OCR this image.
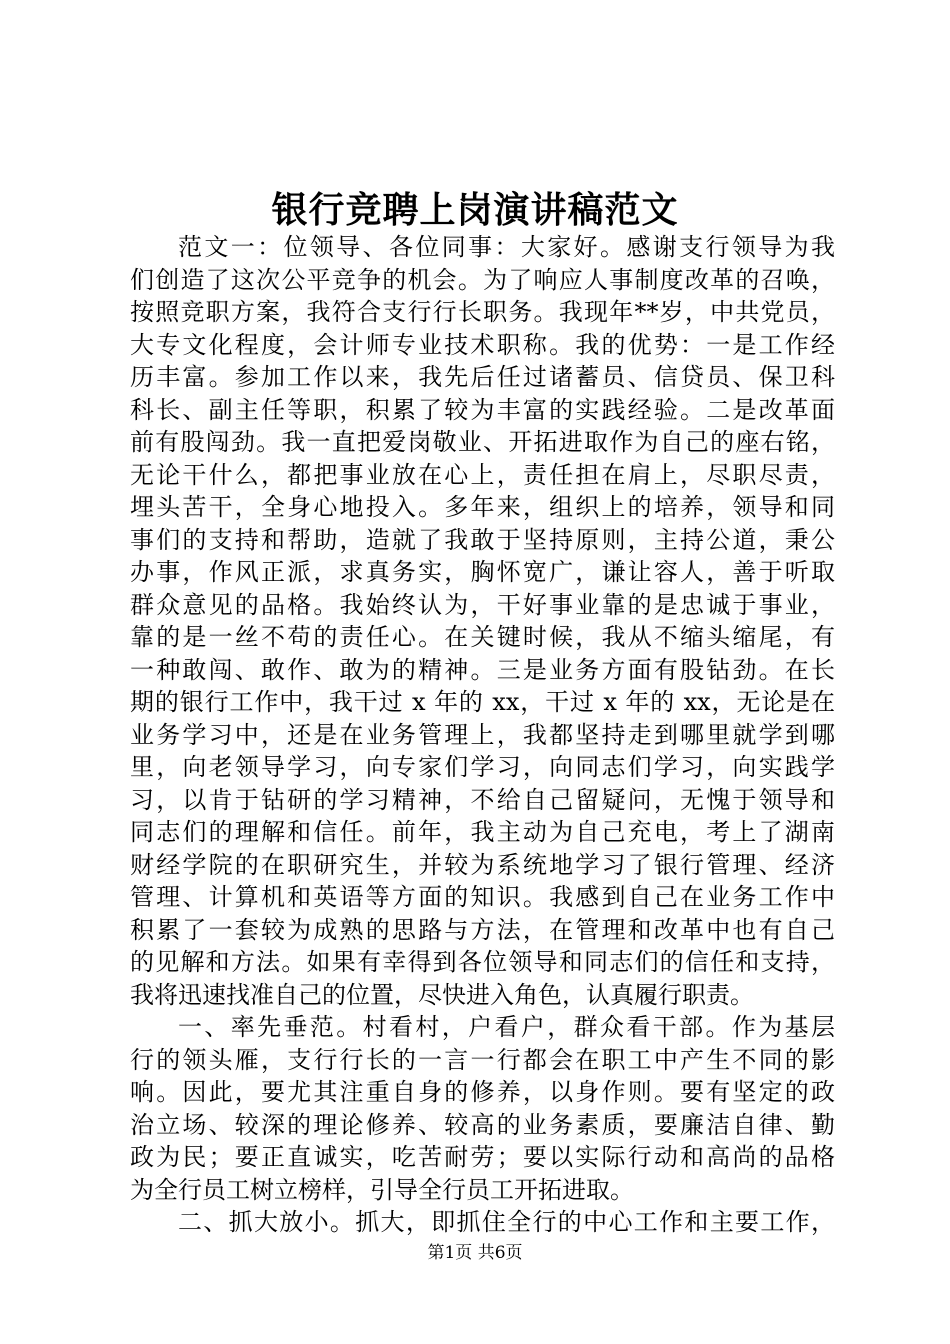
银行竞聘上岗演讲稿范文
范文一：位领导、各位同事：大家好。感谢支行领导为我
们创造了这次公平竞争的机会。为了响应人事制度改革的召唤，
按照竞职方案，我符合支行行长职务。我现年**岁，中共党员，
大专文化程度，会计师专业技术职称。我的优势：一是工作经
历丰富。参加工作以来，我先后任过诸蓄员、信贷员、保卫科
科长、副主任等职，积累了较为丰富的实践经验。二是改革面
前有股闯劲。我一直把爱岗敬业、开拓进取作为自己的座右铭，
无论干什么，都把事业放在心上，责任担在肩上，尽职尽责，
埋头苦干，全身心地投入。多年来，组织上的培养，领导和同
事们的支持和帮助，造就了我敢于坚持原则，主持公道，秉公
办事，作风正派，求真务实，胸怀宽广，谦让容人，善于听取
群众意见的品格。我始终认为，干好事业靠的是忠诚于事业，
靠的是一丝不苟的责任心。在关键时候，我从不缩头缩尾，有
一种敢闯、敢作、敢为的精神。三是业务方面有股钻劲。在长
期的银行工作中，我干过 x 年的 xx，干过 x 年的 xx，无论是在
业务学习中，还是在业务管理上，我都坚持走到哪里就学到哪
里，向老领导学习，向专家们学习，向同志们学习，向实践学
习，以肯于钻研的学习精神，不给自己留疑问，无愧于领导和
同志们的理解和信任。前年，我主动为自己充电，考上了湖南
财经学院的在职研究生，并较为系统地学习了银行管理、经济
管理、计算机和英语等方面的知识。我感到自己在业务工作中
积累了一套较为成熟的思路与方法，在管理和改革中也有自己
的见解和方法。如果有幸得到各位领导和同志们的信任和支持，
我将迅速找准自己的位置，尽快进入角色，认真履行职责。
一、率先垂范。村看村，户看户，群众看干部。作为基层
行的领头雁，支行行长的一言一行都会在职工中产生不同的影
响。因此，要尤其注重自身的修养，以身作则。要有坚定的政
治立场、较深的理论修养、较高的业务素质，要廉洁自律、勤
政为民；要正直诚实，吃苦耐劳；要以实际行动和高尚的品格
为全行员工树立榜样，引导全行员工开拓进取。
二、抓大放小。抓大，即抓住全行的中心工作和主要工作，
第1页 共6页
